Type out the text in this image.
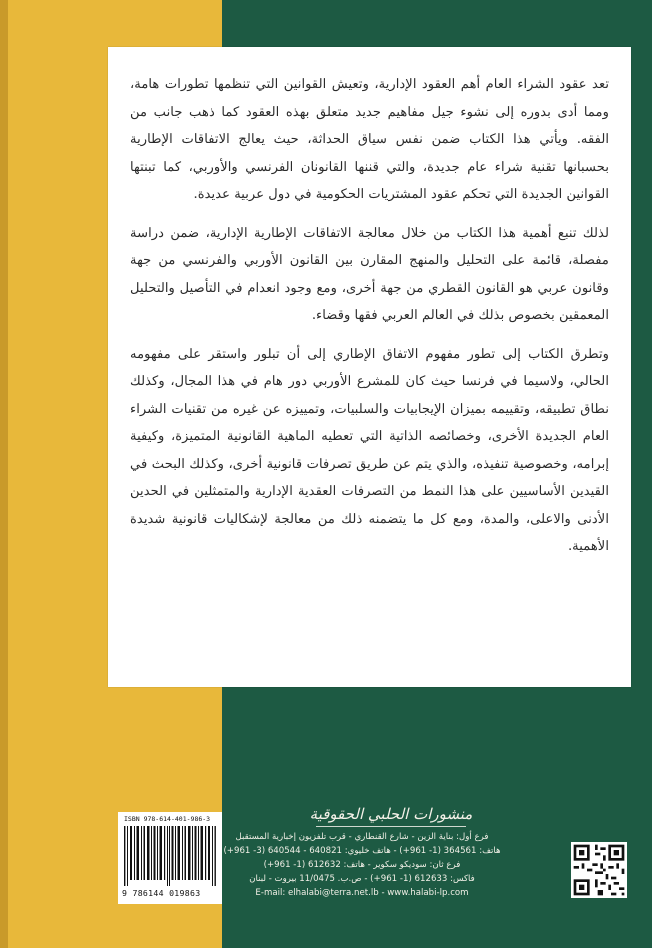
تعد عقود الشراء العام أهم العقود الإدارية، وتعيش القوانين التي تنظمها تطورات هامة، ومما أدى بدوره إلى نشوء جيل مفاهيم جديد متعلق بهذه العقود كما ذهب جانب من الفقه. ويأتي هذا الكتاب ضمن نفس سياق الحداثة، حيث يعالج الاتفاقات الإطارية بحسبانها تقنية شراء عام جديدة، والتي قننها القانونان الفرنسي والأوربي، كما تبنتها القوانين الجديدة التي تحكم عقود المشتريات الحكومية في دول عربية عديدة.

لذلك تنبع أهمية هذا الكتاب من خلال معالجة الاتفاقات الإطارية الإدارية، ضمن دراسة مفصلة، قائمة على التحليل والمنهج المقارن بين القانون الأوربي والفرنسي من جهة وقانون عربي هو القانون القطري من جهة أخرى، ومع وجود انعدام في التأصيل والتحليل المعمقين بخصوص بذلك في العالم العربي فقها وقضاء.

وتطرق الكتاب إلى تطور مفهوم الاتفاق الإطاري إلى أن تبلور واستقر على مفهومه الحالي، ولاسيما في فرنسا حيث كان للمشرع الأوربي دور هام في هذا المجال، وكذلك نطاق تطبيقه، وتقييمه بميزان الإيجابيات والسلبيات، وتمييزه عن غيره من تقنيات الشراء العام الجديدة الأخرى، وخصائصه الذاتية التي تعطيه الماهية القانونية المتميزة، وكيفية إبرامه، وخصوصية تنفيذه، والذي يتم عن طريق تصرفات قانونية أخرى، وكذلك البحث في القيدين الأساسيين على هذا النمط من التصرفات العقدية الإدارية والمتمثلين في الحدين الأدنى والاعلى، والمدة، ومع كل ما يتضمنه ذلك من معالجة لإشكاليات قانونية شديدة الأهمية.

منشورات الحلبي الحقوقية
فرع أول: بناية الزين - شارع القنطاري - قرب تلفزيون إخبارية المستقبل
هاتف: 364561 (1- 961+) - هاتف خليوي: 640821 - 640544 (3- 961+)
فرع ثان: سوديكو سكوير - هاتف: 612632 (1- 961+)
فاكس: 612633 (1- 961+) - ص.ب. 11/0475 بيروت - لبنان
E-mail: elhalabi@terra.net.lb - www.halabi-lp.com
ISBN 978-614-401-986-3
9 786144 019863
